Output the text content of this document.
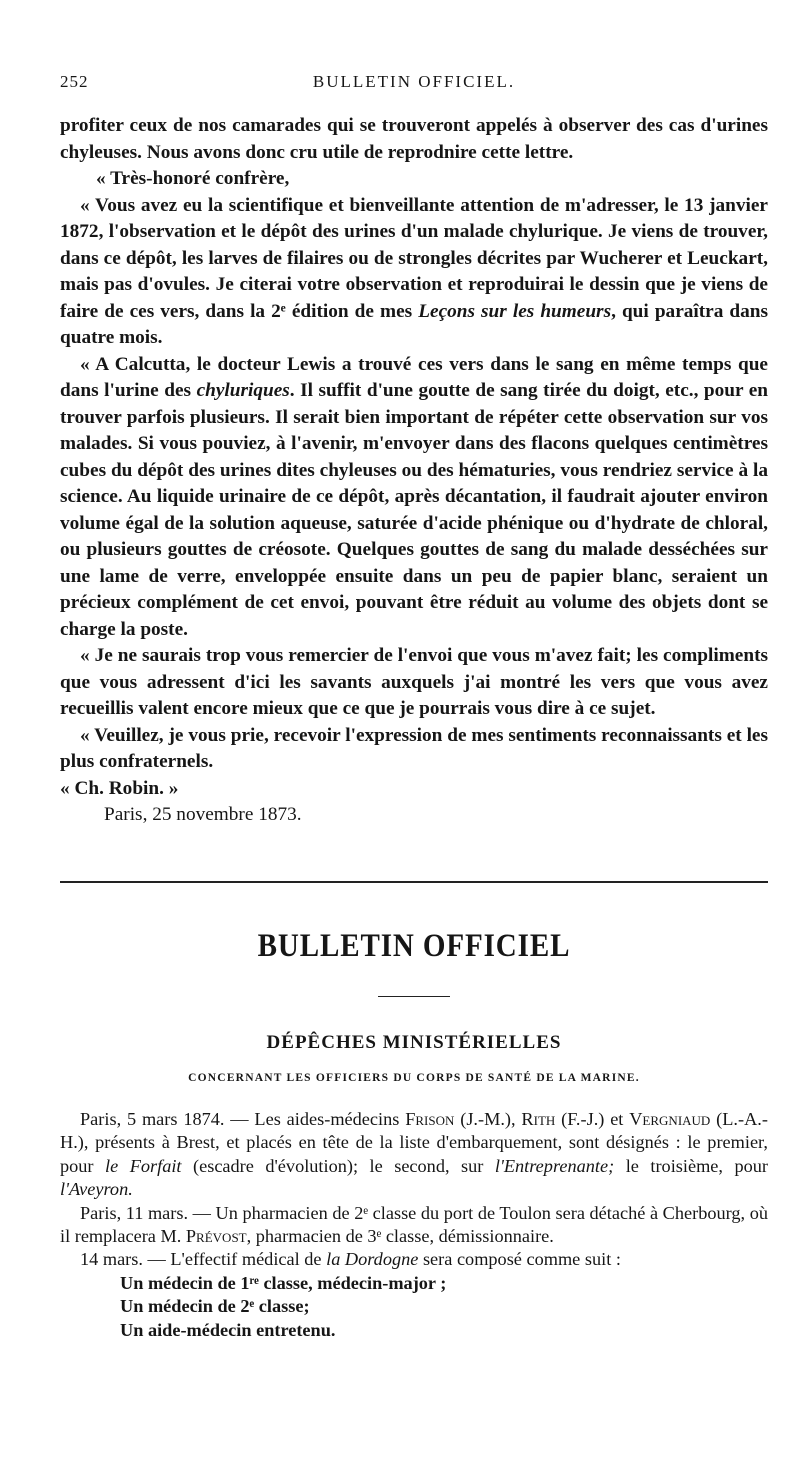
252	BULLETIN OFFICIEL.

profiter ceux de nos camarades qui se trouveront appelés à observer des cas d'urines chyleuses. Nous avons donc cru utile de reprodnire cette lettre.

« Très-honoré confrère,

« Vous avez eu la scientifique et bienveillante attention de m'adresser, le 13 janvier 1872, l'observation et le dépôt des urines d'un malade chylurique. Je viens de trouver, dans ce dépôt, les larves de filaires ou de strongles décrites par Wucherer et Leuckart, mais pas d'ovules. Je citerai votre observation et reproduirai le dessin que je viens de faire de ces vers, dans la 2ᵉ édition de mes Leçons sur les humeurs, qui paraîtra dans quatre mois.

« A Calcutta, le docteur Lewis a trouvé ces vers dans le sang en même temps que dans l'urine des chyluriques. Il suffit d'une goutte de sang tirée du doigt, etc., pour en trouver parfois plusieurs. Il serait bien important de répéter cette observation sur vos malades. Si vous pouviez, à l'avenir, m'envoyer dans des flacons quelques centimètres cubes du dépôt des urines dites chyleuses ou des hématuries, vous rendriez service à la science. Au liquide urinaire de ce dépôt, après décantation, il faudrait ajouter environ volume égal de la solution aqueuse, saturée d'acide phénique ou d'hydrate de chloral, ou plusieurs gouttes de créosote. Quelques gouttes de sang du malade desséchées sur une lame de verre, enveloppée ensuite dans un peu de papier blanc, seraient un précieux complément de cet envoi, pouvant être réduit au volume des objets dont se charge la poste.

« Je ne saurais trop vous remercier de l'envoi que vous m'avez fait; les compliments que vous adressent d'ici les savants auxquels j'ai montré les vers que vous avez recueillis valent encore mieux que ce que je pourrais vous dire à ce sujet.

« Veuillez, je vous prie, recevoir l'expression de mes sentiments reconnaissants et les plus confraternels.

« Ch. Robin. »

Paris, 25 novembre 1873.

BULLETIN OFFICIEL
DÉPÊCHES MINISTÉRIELLES
CONCERNANT LES OFFICIERS DU CORPS DE SANTÉ DE LA MARINE.

Paris, 5 mars 1874. — Les aides-médecins Frison (J.-M.), Rith (F.-J.) et Vergniaud (L.-A.-H.), présents à Brest, et placés en tête de la liste d'embarquement, sont désignés : le premier, pour le Forfait (escadre d'évolution); le second, sur l'Entreprenante; le troisième, pour l'Aveyron.

Paris, 11 mars. — Un pharmacien de 2ᵉ classe du port de Toulon sera détaché à Cherbourg, où il remplacera M. Prévost, pharmacien de 3ᵉ classe, démissionnaire.

14 mars. — L'effectif médical de la Dordogne sera composé comme suit :

Un médecin de 1ʳᵉ classe, médecin-major ;

Un médecin de 2ᵉ classe;

Un aide-médecin entretenu.
